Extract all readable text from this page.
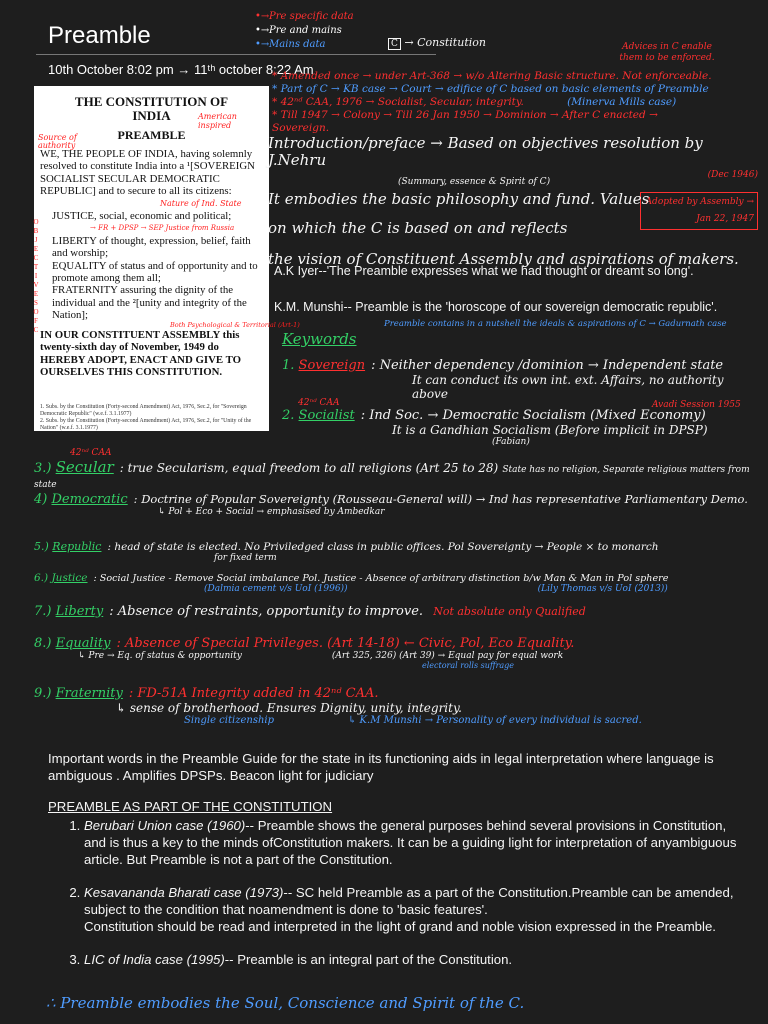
Preamble
10th October 8:02 pm → 11ᵗʰ october 8:22 Am
•→Pre specific data
•→Pre and mains
•→Mains data	C → Constitution	Advices in C enable them to be enforced.
* Amended once → under Art-368 → w/o Altering Basic structure. Not enforceable.
* Part of C → KB case → Court → edifice of C based on basic elements of Preamble
* 42ⁿᵈ CAA, 1976 → Socialist, Secular, integrity.	(Minerva Mills case)
* Till 1947 → Colony → Till 26 Jan 1950 → Dominion → After C enacted → Sovereign.
THE CONSTITUTION OF
INDIA	American inspired
Source of authority
PREAMBLE
O B J E C T I V E S O F C
WE, THE PEOPLE OF INDIA, having solemnly resolved to constitute India into a ¹[SOVEREIGN SOCIALIST SECULAR DEMOCRATIC REPUBLIC] and to secure to all its citizens:
Nature of Ind. State
JUSTICE, social, economic and political;
→ FR + DPSP → SEP Justice from Russia
LIBERTY of thought, expression, belief, faith and worship;
EQUALITY of status and of opportunity and to promote among them all;
FRATERNITY assuring the dignity of the individual and the ²[unity and integrity of the Nation];
Both Psychological & Territorial (Art-1)
IN OUR CONSTITUENT ASSEMBLY this twenty-sixth day of November, 1949 do HEREBY ADOPT, ENACT AND GIVE TO OURSELVES THIS CONSTITUTION.
1. Subs. by the Constitution (Forty-second Amendment) Act, 1976, Sec.2, for "Sovereign Democratic Republic" (w.e.f. 3.1.1977)
2. Subs. by the Constitution (Forty-second Amendment) Act, 1976, Sec.2, for "Unity of the Nation" (w.e.f. 3.1.1977)
Introduction/preface → Based on objectives resolution by J.Nehru
(Dec 1946)
(Summary, essence & Spirit of C)
It embodies the basic philosophy and fund. Values
Adopted by Assembly → Jan 22, 1947
on which the C is based on and reflects
the vision of Constituent Assembly and aspirations of makers.
A.K Iyer--'The Preamble expresses what we had thought or dreamt so long'.
K.M. Munshi-- Preamble is the 'horoscope of our sovereign democratic republic'.
Preamble contains in a nutshell the ideals & aspirations of C → Gadurnath case
Keywords
1. Sovereign : Neither dependency /dominion → Independent state
It can conduct its own int. ext. Affairs, no authority above
42ⁿᵈ CAA
2. Socialist : Ind Soc. → Democratic Socialism (Mixed Economy)
It is a Gandhian Socialism (Before implicit in DPSP)
Avadi Session 1955
(Fabian)
42ⁿᵈ CAA
3.) Secular : true Secularism, equal freedom to all religions (Art 25 to 28) State has no religion, Separate religious matters from state
4) Democratic : Doctrine of Popular Sovereignty (Rousseau-General will) → Ind has representative Parliamentary Demo.
↳ Pol + Eco + Social → emphasised by Ambedkar
5.) Republic : head of state is elected. No Priviledged class in public offices. Pol Sovereignty → People × to monarch
for fixed term
6.) Justice : Social Justice - Remove Social imbalance Pol. Justice - Absence of arbitrary distinction b/w Man & Man in Pol sphere
(Dalmia cement v/s UoI (1996))	(Lily Thomas v/s UoI (2013))
7.) Liberty : Absence of restraints, opportunity to improve. Not absolute only Qualified
8.) Equality : Absence of Special Privileges. (Art 14-18) ← Civic, Pol, Eco Equality.
↳ Pre → Eq. of status & opportunity	(Art 325, 326) (Art 39) → Equal pay for equal work
electoral rolls suffrage
9.) Fraternity : FD-51A Integrity added in 42ⁿᵈ CAA.
↳ sense of brotherhood. Ensures Dignity, unity, integrity.
Single citizenship	↳ K.M Munshi → Personality of every individual is sacred.
Important words in the Preamble Guide for the state in its functioning aids in legal interpretation where language is ambiguous . Amplifies DPSPs. Beacon light for judiciary
PREAMBLE AS PART OF THE CONSTITUTION
1. Berubari Union case (1960)-- Preamble shows the general purposes behind several provisions in Constitution, and is thus a key to the minds ofConstitution makers. It can be a guiding light for interpretation of anyambiguous article. But Preamble is not a part of the Constitution.
2. Kesavananda Bharati case (1973)-- SC held Preamble as a part of the Constitution.Preamble can be amended, subject to the condition that noamendment is done to 'basic features'.
Constitution should be read and interpreted in the light of grand and noble vision expressed in the Preamble.
3. LIC of India case (1995)-- Preamble is an integral part of the Constitution.
∴ Preamble embodies the Soul, Conscience and Spirit of the C.
